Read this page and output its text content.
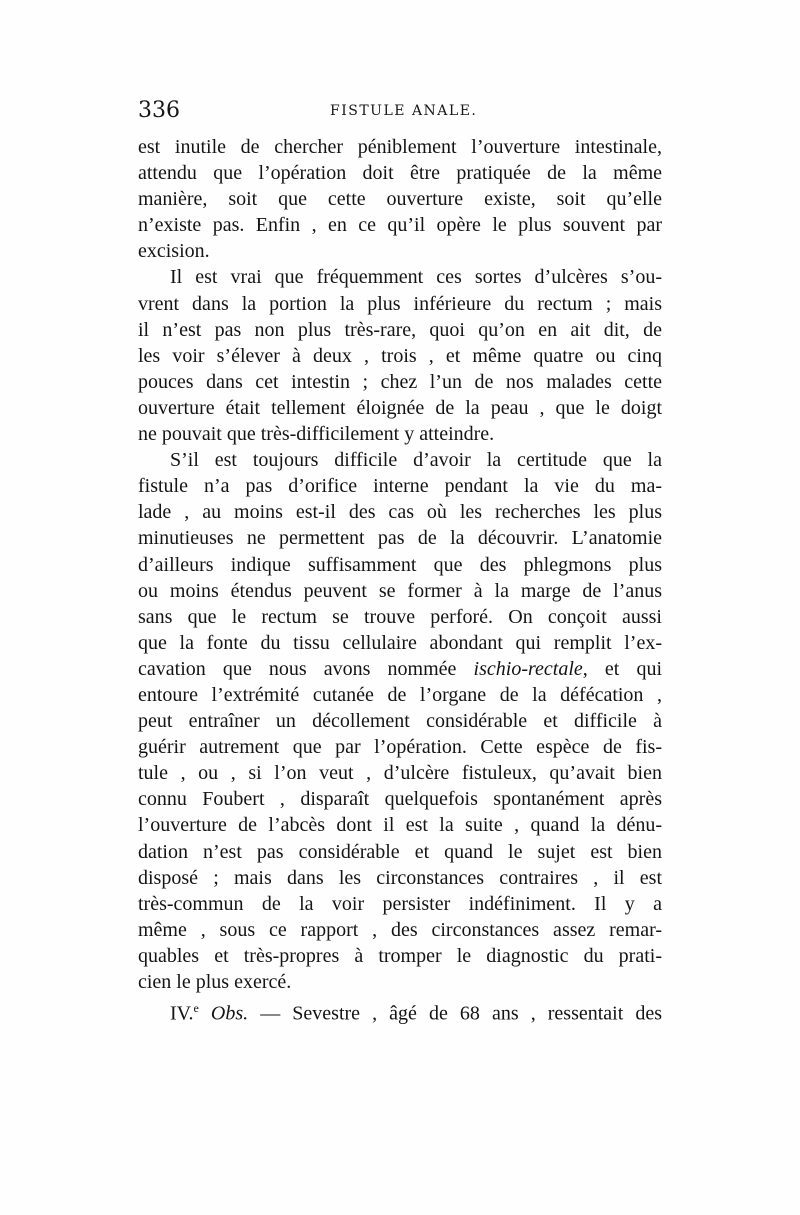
336	FISTULE ANALE.
est inutile de chercher péniblement l’ouverture intestinale,
attendu que l’opération doit être pratiquée de la même
manière, soit que cette ouverture existe, soit qu’elle
n’existe pas. Enfin , en ce qu’il opère le plus souvent par
excision.
Il est vrai que fréquemment ces sortes d’ulcères s’ou-
vrent dans la portion la plus inférieure du rectum ; mais
il n’est pas non plus très-rare, quoi qu’on en ait dit, de
les voir s’élever à deux , trois , et même quatre ou cinq
pouces dans cet intestin ; chez l’un de nos malades cette
ouverture était tellement éloignée de la peau , que le doigt
ne pouvait que très-difficilement y atteindre.
S’il est toujours difficile d’avoir la certitude que la
fistule n’a pas d’orifice interne pendant la vie du ma-
lade , au moins est-il des cas où les recherches les plus
minutieuses ne permettent pas de la découvrir. L’anatomie
d’ailleurs indique suffisamment que des phlegmons plus
ou moins étendus peuvent se former à la marge de l’anus
sans que le rectum se trouve perforé. On conçoit aussi
que la fonte du tissu cellulaire abondant qui remplit l’ex-
cavation que nous avons nommée ischio-rectale, et qui
entoure l’extrémité cutanée de l’organe de la défécation ,
peut entraîner un décollement considérable et difficile à
guérir autrement que par l’opération. Cette espèce de fis-
tule , ou , si l’on veut , d’ulcère fistuleux, qu’avait bien
connu Foubert , disparaît quelquefois spontanément après
l’ouverture de l’abcès dont il est la suite , quand la dénu-
dation n’est pas considérable et quand le sujet est bien
disposé ; mais dans les circonstances contraires , il est
très-commun de la voir persister indéfiniment. Il y a
même , sous ce rapport , des circonstances assez remar-
quables et très-propres à tromper le diagnostic du prati-
cien le plus exercé.
IV.$^e$ Obs. — Sevestre , âgé de 68 ans , ressentait des
